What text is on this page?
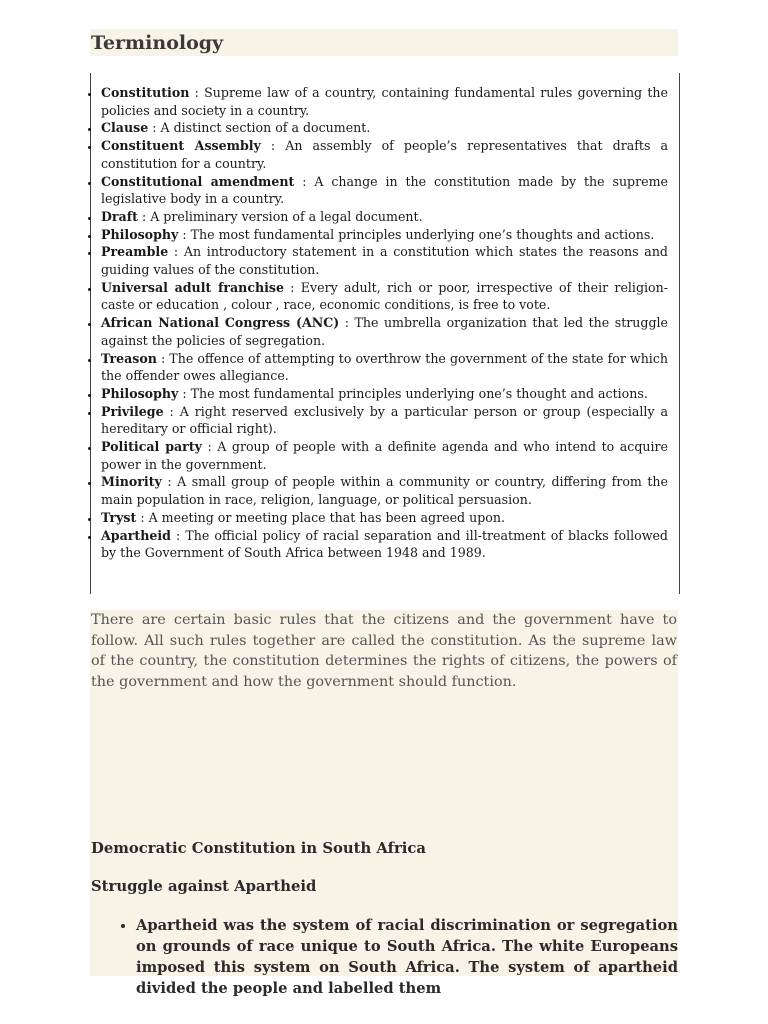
Terminology
• Constitution : Supreme law of a country, containing fundamental rules governing the policies and society in a country.
• Clause : A distinct section of a document.
• Constituent Assembly : An assembly of people’s representatives that drafts a constitution for a country.
• Constitutional amendment : A change in the constitution made by the supreme legislative body in a country.
• Draft : A preliminary version of a legal document.
• Philosophy : The most fundamental principles underlying one’s thoughts and actions.
• Preamble : An introductory statement in a constitution which states the reasons and guiding values of the constitution.
• Universal adult franchise : Every adult, rich or poor, irrespective of their religion-caste or education , colour , race, economic conditions, is free to vote.
• African National Congress (ANC) : The umbrella organization that led the struggle against the policies of segregation.
• Treason : The offence of attempting to overthrow the government of the state for which the offender owes allegiance.
• Philosophy : The most fundamental principles underlying one’s thought and actions.
• Privilege : A right reserved exclusively by a particular person or group (especially a hereditary or official right).
• Political party : A group of people with a definite agenda and who intend to acquire power in the government.
• Minority : A small group of people within a community or country, differing from the main population in race, religion, language, or political persuasion.
• Tryst : A meeting or meeting place that has been agreed upon.
• Apartheid : The official policy of racial separation and ill-treatment of blacks followed by the Government of South Africa between 1948 and 1989.

There are certain basic rules that the citizens and the government have to follow. All such rules together are called the constitution. As the supreme law of the country, the constitution determines the rights of citizens, the powers of the government and how the government should function.

Democratic Constitution in South Africa

Struggle against Apartheid

• Apartheid was the system of racial discrimination or segregation on grounds of race unique to South Africa. The white Europeans imposed this system on South Africa. The system of apartheid divided the people and labelled them
